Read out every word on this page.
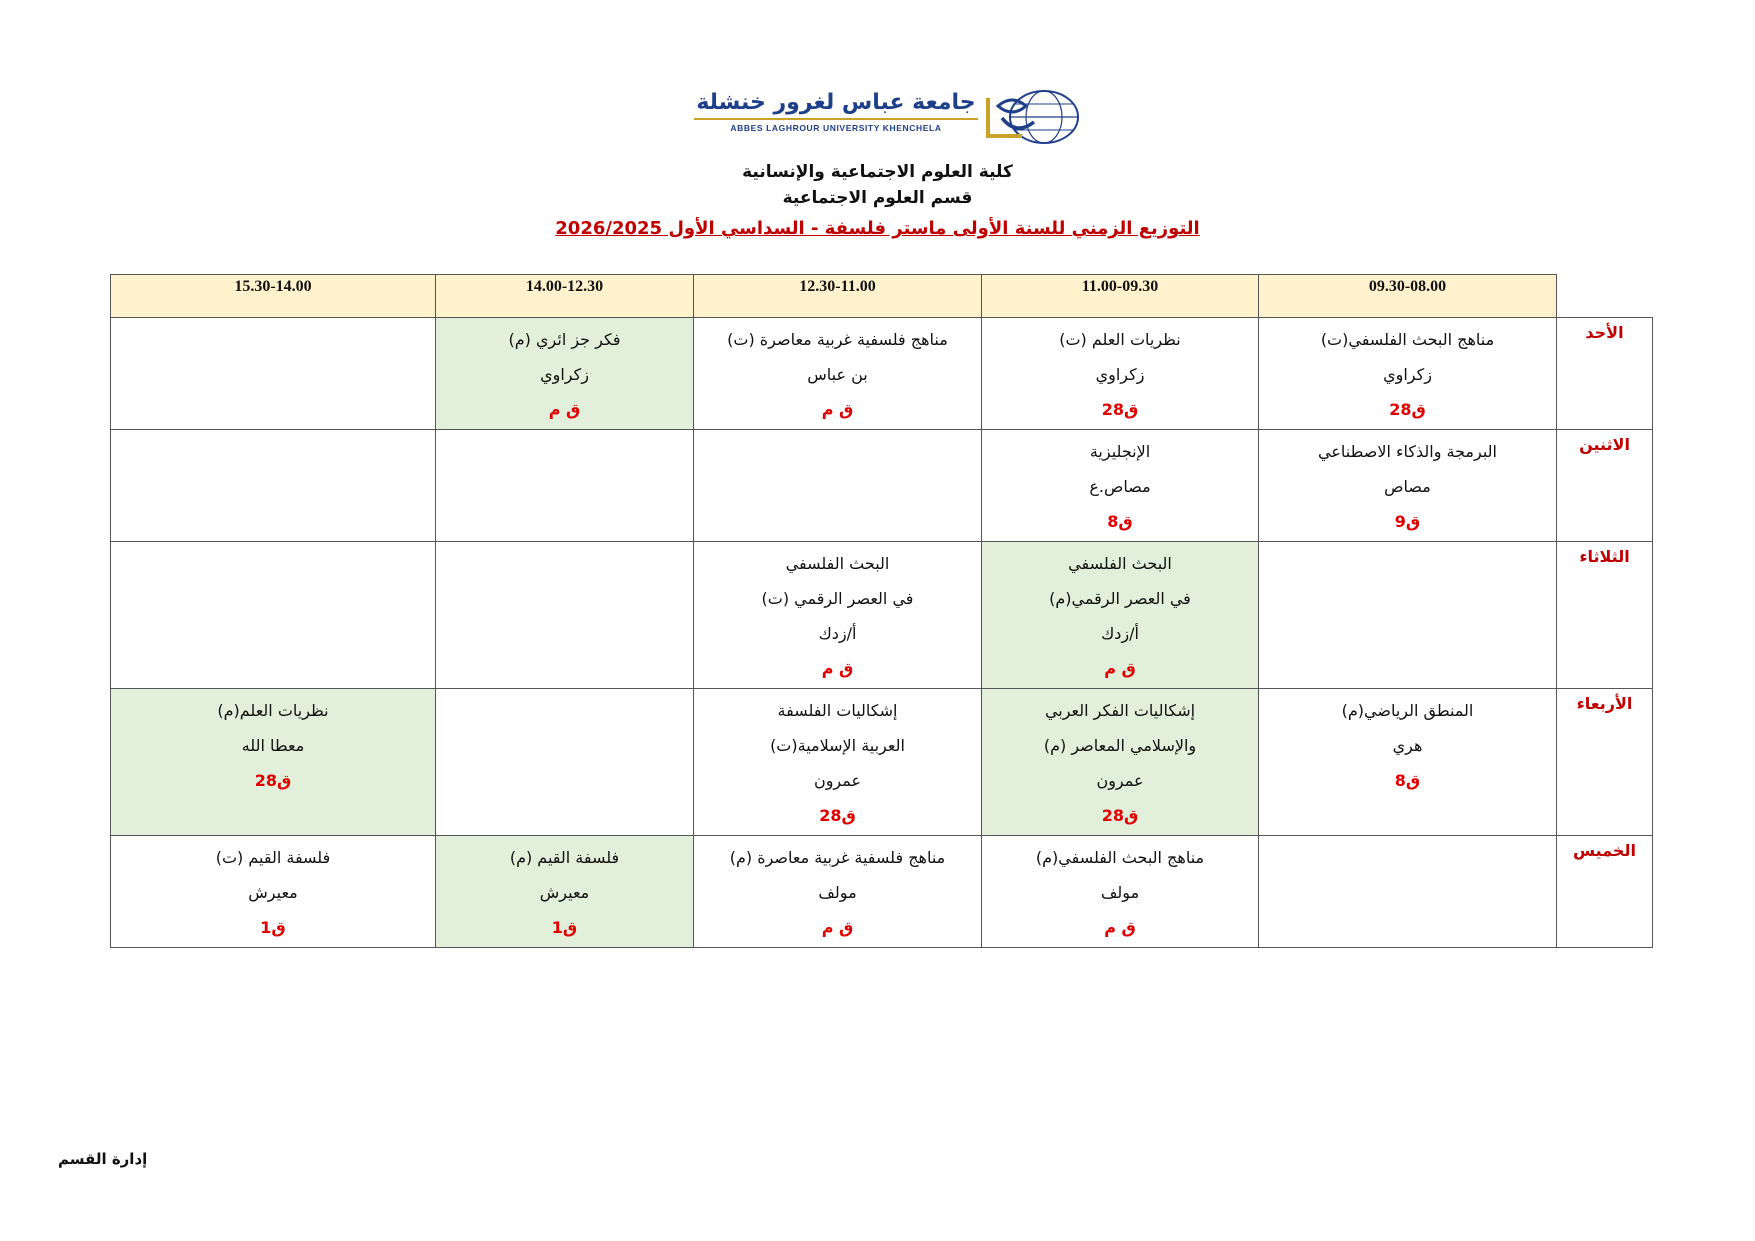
جامعة عباس لغرور خنشلة
ABBES LAGHROUR UNIVERSITY KHENCHELA
كلية العلوم الاجتماعية والإنسانية
قسم العلوم الاجتماعية
التوزيع الزمني للسنة الأولى ماستر فلسفة - السداسي الأول 2026/2025
15.30-14.00	14.00-12.30	12.30-11.00	11.00-09.30	09.30-08.00	

	فكر جز ائري (م)
زكراوي
ق م	مناهج فلسفية غربية معاصرة (ت)
بن عباس
ق م	نظريات العلم (ت)
زكراوي
ق28	مناهج البحث الفلسفي(ت)
زكراوي
ق28	الأحد

			الإنجليزية
مصاص.ع
ق8	البرمجة والذكاء الاصطناعي
مصاص
ق9	الاثنين

		البحث الفلسفي
في العصر الرقمي (ت)
أ/زدك
ق م	البحث الفلسفي
في العصر الرقمي(م)
أ/زدك
ق م		الثلاثاء

نظريات العلم(م)
معطا الله
ق28		إشكاليات الفلسفة
العربية الإسلامية(ت)
عمرون
ق28	إشكاليات الفكر العربي
والإسلامي المعاصر (م)
عمرون
ق28	المنطق الرياضي(م)
هري
ق8	الأربعاء

فلسفة القيم (ت)
معيرش
ق1	فلسفة القيم (م)
معيرش
ق1	مناهج فلسفية غربية معاصرة (م)
مولف
ق م	مناهج البحث الفلسفي(م)
مولف
ق م		الخميس
إدارة القسم
